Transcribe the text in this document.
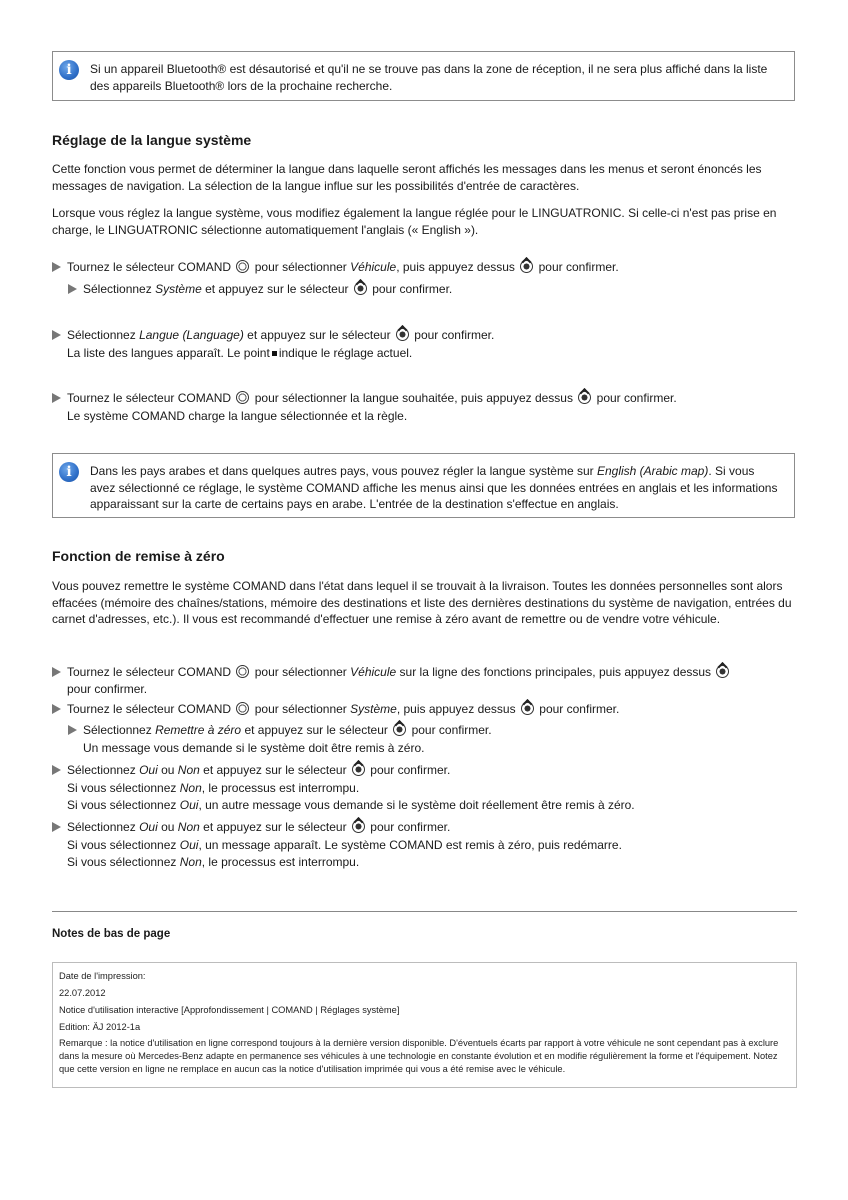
i	Si un appareil Bluetooth® est désautorisé et qu'il ne se trouve pas dans la zone de réception, il ne sera plus affiché dans la liste des appareils Bluetooth® lors de la prochaine recherche.
Réglage de la langue système

Cette fonction vous permet de déterminer la langue dans laquelle seront affichés les messages dans les menus et seront énoncés les messages de navigation. La sélection de la langue influe sur les possibilités d'entrée de caractères.

Lorsque vous réglez la langue système, vous modifiez également la langue réglée pour le LINGUATRONIC. Si celle-ci n'est pas prise en charge, le LINGUATRONIC sélectionne automatiquement l'anglais (« English »).

Tournez le sélecteur COMAND pour sélectionner Véhicule, puis appuyez dessus pour confirmer.
Sélectionnez Système et appuyez sur le sélecteur pour confirmer.
Sélectionnez Langue (Language) et appuyez sur le sélecteur pour confirmer.
La liste des langues apparaît. Le point indique le réglage actuel.
Tournez le sélecteur COMAND pour sélectionner la langue souhaitée, puis appuyez dessus pour confirmer.
Le système COMAND charge la langue sélectionnée et la règle.
i	Dans les pays arabes et dans quelques autres pays, vous pouvez régler la langue système sur English (Arabic map). Si vous avez sélectionné ce réglage, le système COMAND affiche les menus ainsi que les données entrées en anglais et les informations apparaissant sur la carte de certains pays en arabe. L'entrée de la destination s'effectue en anglais.
Fonction de remise à zéro

Vous pouvez remettre le système COMAND dans l'état dans lequel il se trouvait à la livraison. Toutes les données personnelles sont alors effacées (mémoire des chaînes/stations, mémoire des destinations et liste des dernières destinations du système de navigation, entrées du carnet d'adresses, etc.). Il vous est recommandé d'effectuer une remise à zéro avant de remettre ou de vendre votre véhicule.

Tournez le sélecteur COMAND pour sélectionner Véhicule sur la ligne des fonctions principales, puis appuyez dessus
pour confirmer.
Tournez le sélecteur COMAND pour sélectionner Système, puis appuyez dessus pour confirmer.
Sélectionnez Remettre à zéro et appuyez sur le sélecteur pour confirmer.
Un message vous demande si le système doit être remis à zéro.
Sélectionnez Oui ou Non et appuyez sur le sélecteur pour confirmer.
Si vous sélectionnez Non, le processus est interrompu.
Si vous sélectionnez Oui, un autre message vous demande si le système doit réellement être remis à zéro.
Sélectionnez Oui ou Non et appuyez sur le sélecteur pour confirmer.
Si vous sélectionnez Oui, un message apparaît. Le système COMAND est remis à zéro, puis redémarre.
Si vous sélectionnez Non, le processus est interrompu.
Notes de bas de page

Date de l'impression:

22.07.2012

Notice d'utilisation interactive [Approfondissement | COMAND | Réglages système]

Edition: ÄJ 2012-1a

Remarque : la notice d'utilisation en ligne correspond toujours à la dernière version disponible. D'éventuels écarts par rapport à votre véhicule ne sont cependant pas à exclure dans la mesure où Mercedes-Benz adapte en permanence ses véhicules à une technologie en constante évolution et en modifie régulièrement la forme et l'équipement. Notez que cette version en ligne ne remplace en aucun cas la notice d'utilisation imprimée qui vous a été remise avec le véhicule.
